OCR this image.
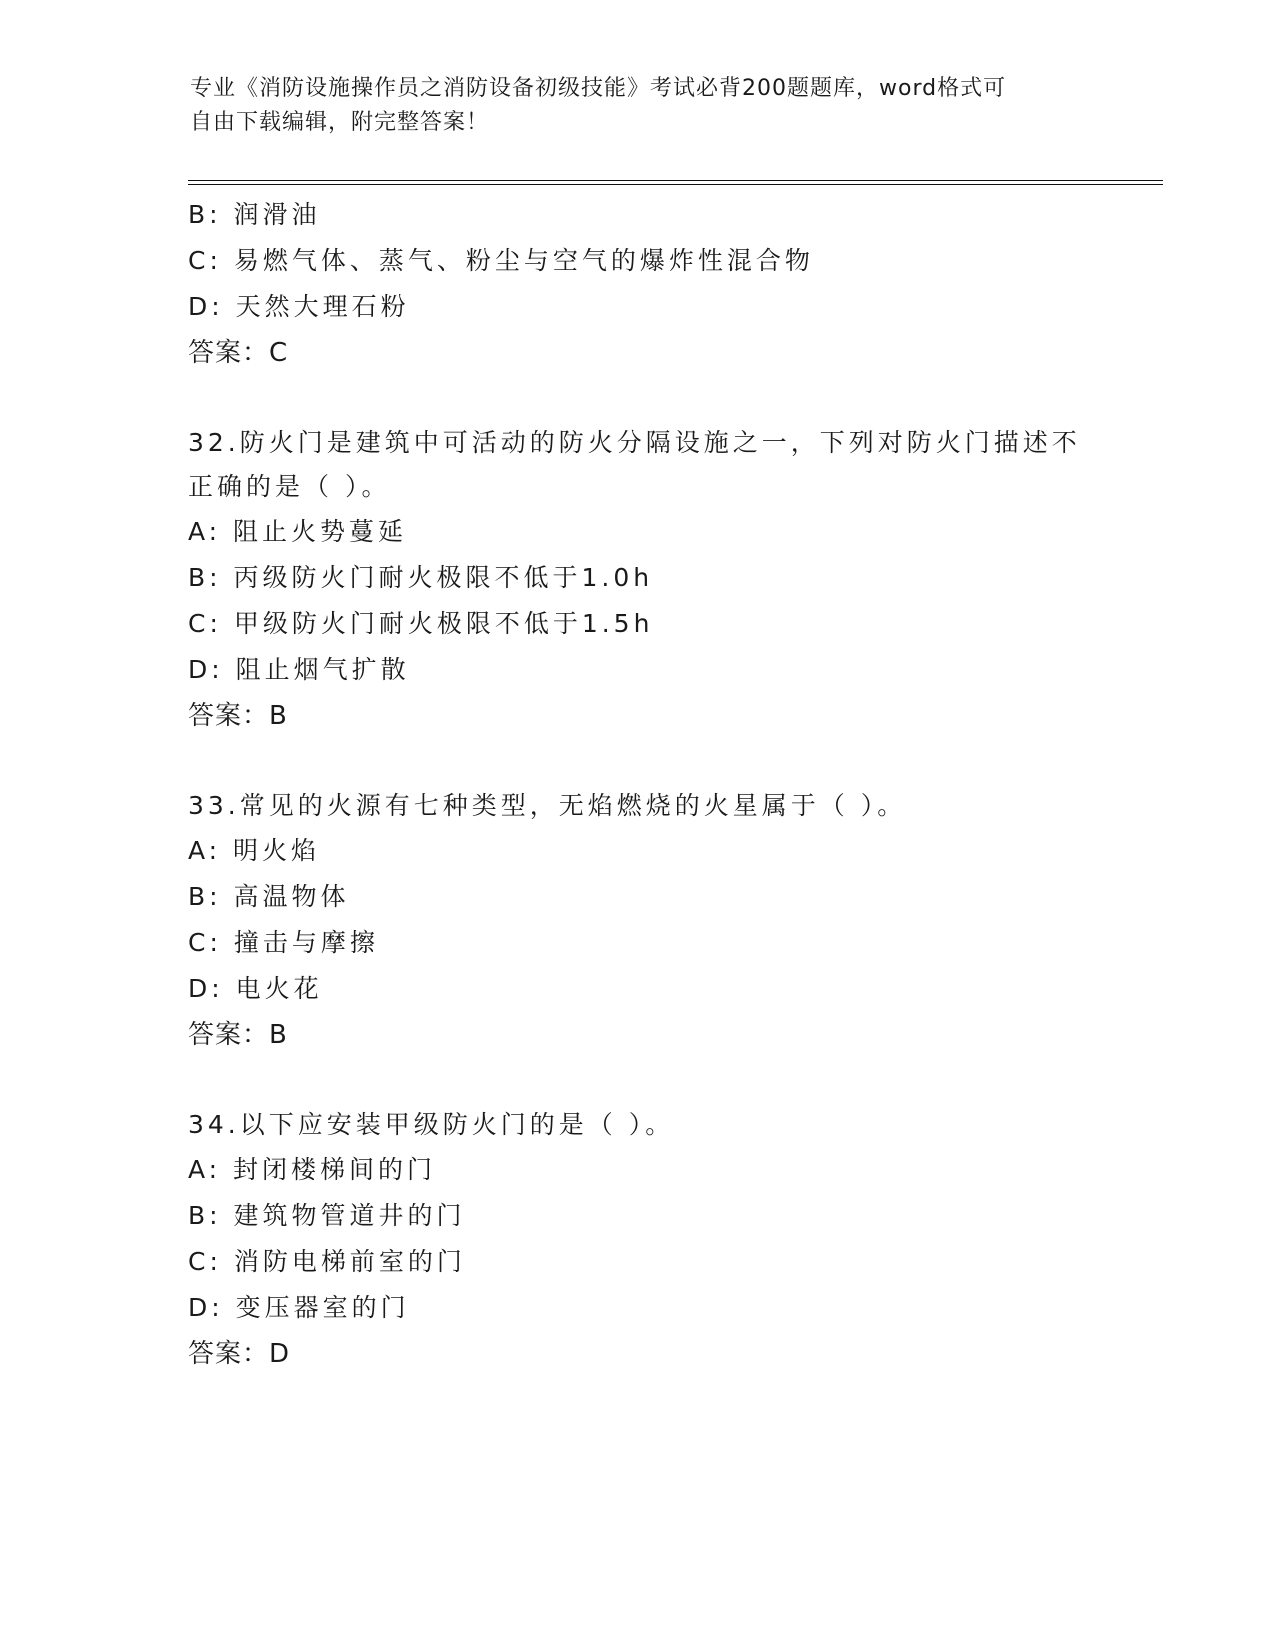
专业《消防设施操作员之消防设备初级技能》考试必背200题题库，word格式可
自由下载编辑，附完整答案！
B: 润滑油
C: 易燃气体、蒸气、粉尘与空气的爆炸性混合物
D: 天然大理石粉
答案：C
32.防火门是建筑中可活动的防火分隔设施之一，下列对防火门描述不
正确的是（ ）。
A: 阻止火势蔓延
B: 丙级防火门耐火极限不低于1.0h
C: 甲级防火门耐火极限不低于1.5h
D: 阻止烟气扩散
答案：B
33.常见的火源有七种类型，无焰燃烧的火星属于（ ）。
A: 明火焰
B: 高温物体
C: 撞击与摩擦
D: 电火花
答案：B
34.以下应安装甲级防火门的是（ ）。
A: 封闭楼梯间的门
B: 建筑物管道井的门
C: 消防电梯前室的门
D: 变压器室的门
答案：D
